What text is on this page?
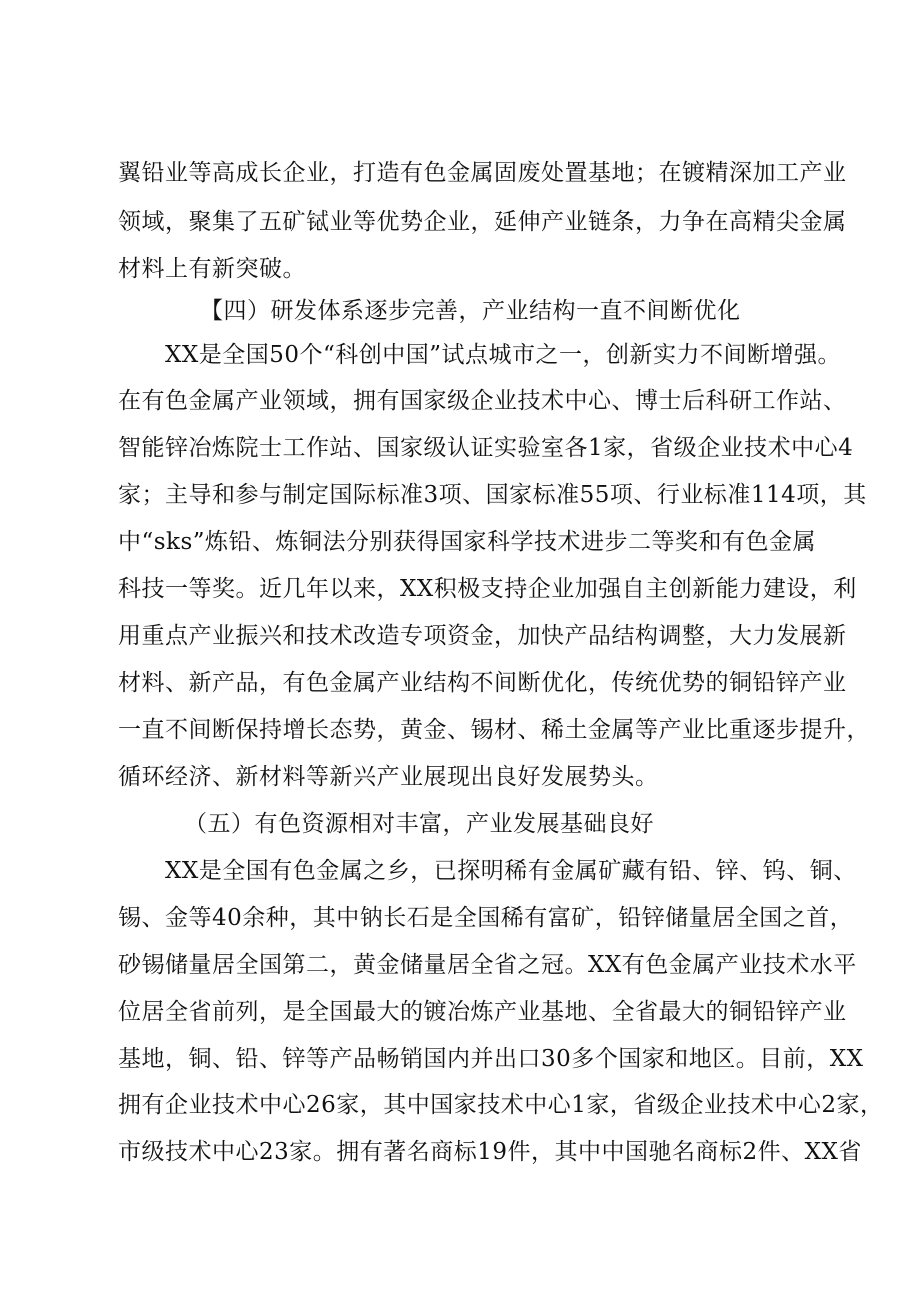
翼铅业等高成长企业，打造有色金属固废处置基地；在镀精深加工产业
领域，聚集了五矿铽业等优势企业，延伸产业链条，力争在高精尖金属
材料上有新突破。
【四）研发体系逐步完善，产业结构一直不间断优化
XX是全国50个“科创中国”试点城市之一，创新实力不间断增强。
在有色金属产业领域，拥有国家级企业技术中心、博士后科研工作站、
智能锌冶炼院士工作站、国家级认证实验室各1家，省级企业技术中心4
家；主导和参与制定国际标准3项、国家标准55项、行业标准114项，其
中“sks”炼铅、炼铜法分别获得国家科学技术进步二等奖和有色金属
科技一等奖。近几年以来，XX积极支持企业加强自主创新能力建设，利
用重点产业振兴和技术改造专项资金，加快产品结构调整，大力发展新
材料、新产品，有色金属产业结构不间断优化，传统优势的铜铅锌产业
一直不间断保持增长态势，黄金、锡材、稀土金属等产业比重逐步提升，
循环经济、新材料等新兴产业展现出良好发展势头。
（五）有色资源相对丰富，产业发展基础良好
XX是全国有色金属之乡，已探明稀有金属矿藏有铅、锌、钨、铜、
锡、金等40余种，其中钠长石是全国稀有富矿，铅锌储量居全国之首，
砂锡储量居全国第二，黄金储量居全省之冠。XX有色金属产业技术水平
位居全省前列，是全国最大的镀冶炼产业基地、全省最大的铜铅锌产业
基地，铜、铅、锌等产品畅销国内并出口30多个国家和地区。目前，XX
拥有企业技术中心26家，其中国家技术中心1家，省级企业技术中心2家，
市级技术中心23家。拥有著名商标19件，其中中国驰名商标2件、XX省
